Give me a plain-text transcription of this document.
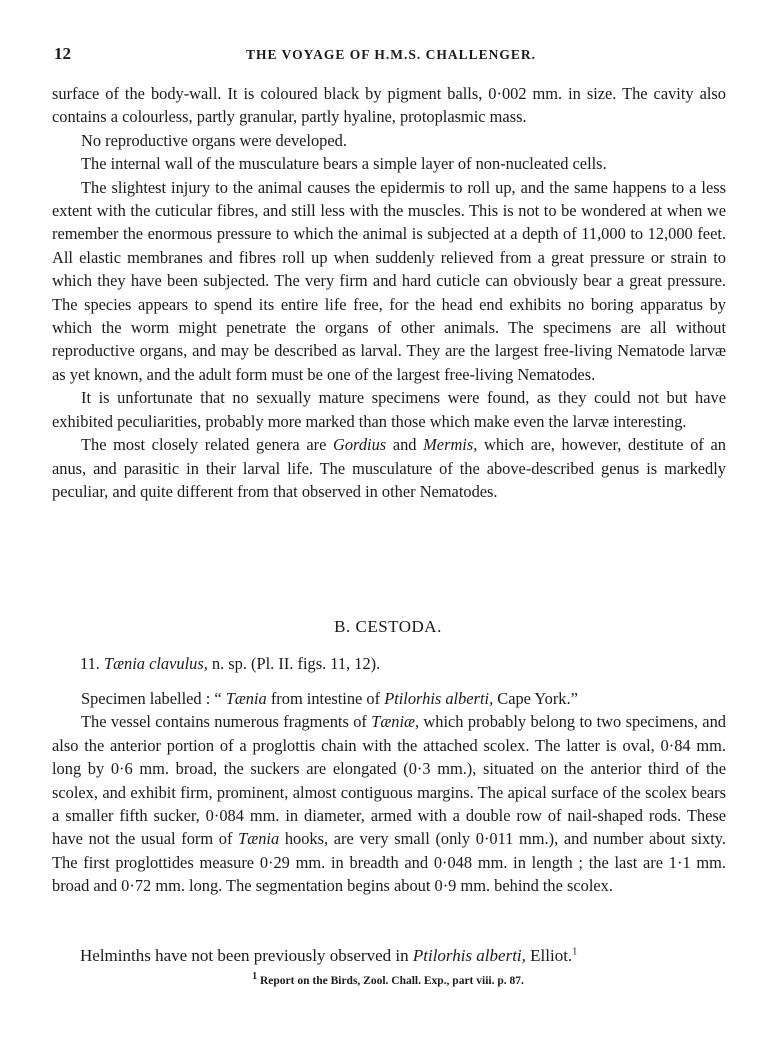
12	THE VOYAGE OF H.M.S. CHALLENGER.

surface of the body-wall. It is coloured black by pigment balls, 0·002 mm. in size. The cavity also contains a colourless, partly granular, partly hyaline, protoplasmic mass.

No reproductive organs were developed.

The internal wall of the musculature bears a simple layer of non-nucleated cells.

The slightest injury to the animal causes the epidermis to roll up, and the same happens to a less extent with the cuticular fibres, and still less with the muscles. This is not to be wondered at when we remember the enormous pressure to which the animal is subjected at a depth of 11,000 to 12,000 feet. All elastic membranes and fibres roll up when suddenly relieved from a great pressure or strain to which they have been subjected. The very firm and hard cuticle can obviously bear a great pressure. The species appears to spend its entire life free, for the head end exhibits no boring apparatus by which the worm might penetrate the organs of other animals. The specimens are all without reproductive organs, and may be described as larval. They are the largest free-living Nematode larvæ as yet known, and the adult form must be one of the largest free-living Nematodes.

It is unfortunate that no sexually mature specimens were found, as they could not but have exhibited peculiarities, probably more marked than those which make even the larvæ interesting.

The most closely related genera are Gordius and Mermis, which are, however, destitute of an anus, and parasitic in their larval life. The musculature of the above-described genus is markedly peculiar, and quite different from that observed in other Nematodes.

B. CESTODA.
11. Tænia clavulus, n. sp. (Pl. II. figs. 11, 12).

Specimen labelled : “ Tænia from intestine of Ptilorhis alberti, Cape York.”

The vessel contains numerous fragments of Tæniæ, which probably belong to two specimens, and also the anterior portion of a proglottis chain with the attached scolex. The latter is oval, 0·84 mm. long by 0·6 mm. broad, the suckers are elongated (0·3 mm.), situated on the anterior third of the scolex, and exhibit firm, prominent, almost contiguous margins. The apical surface of the scolex bears a smaller fifth sucker, 0·084 mm. in diameter, armed with a double row of nail-shaped rods. These have not the usual form of Tænia hooks, are very small (only 0·011 mm.), and number about sixty. The first proglottides measure 0·29 mm. in breadth and 0·048 mm. in length ; the last are 1·1 mm. broad and 0·72 mm. long. The segmentation begins about 0·9 mm. behind the scolex.

Helminths have not been previously observed in Ptilorhis alberti, Elliot.$^1$
$^1$ Report on the Birds, Zool. Chall. Exp., part viii. p. 87.
